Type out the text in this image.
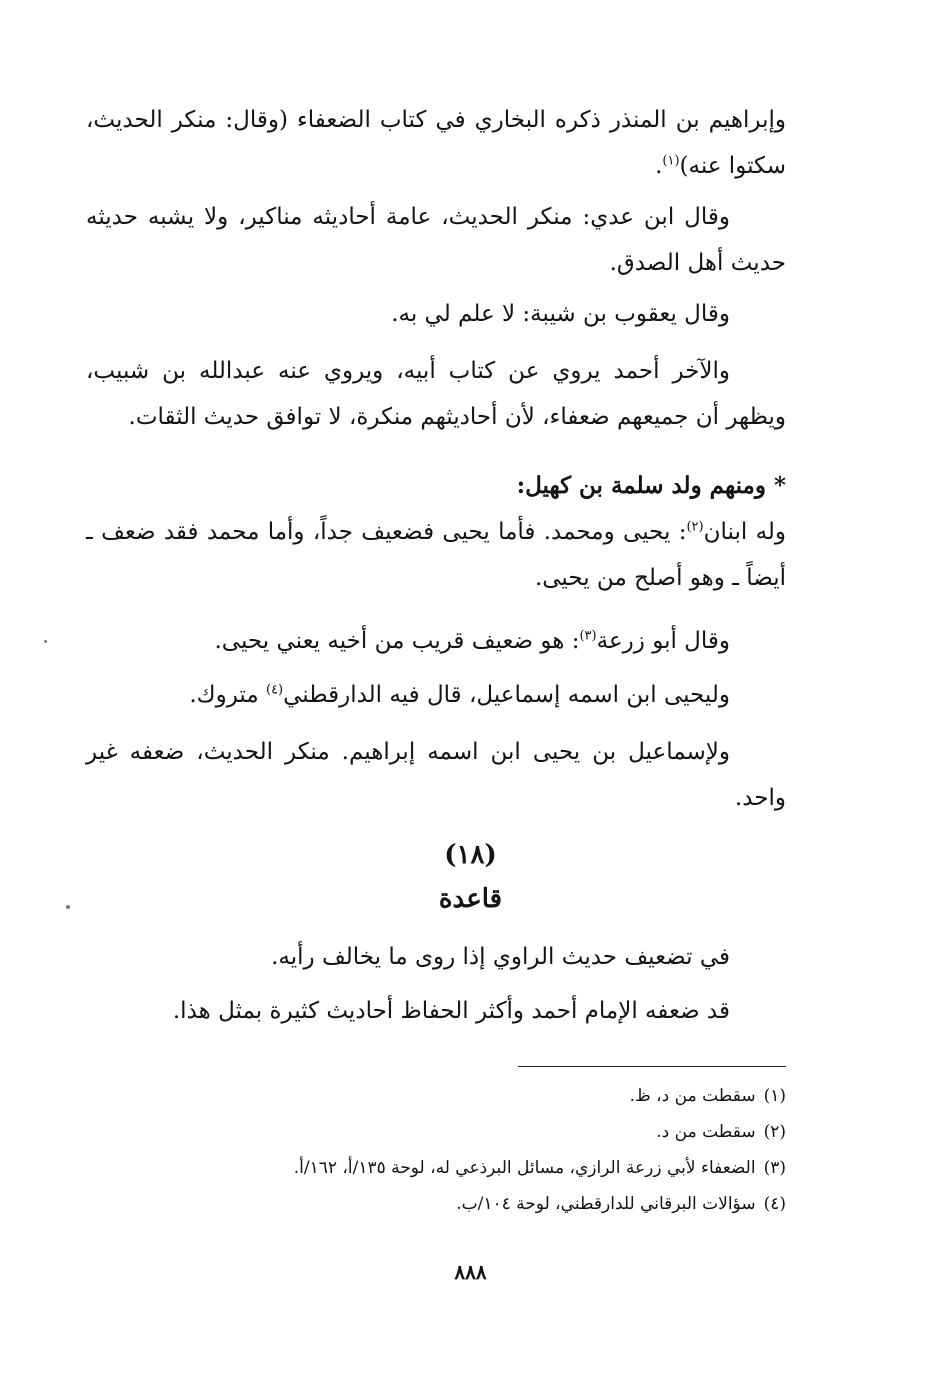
وإبراهيم بن المنذر ذكره البخاري في كتاب الضعفاء (وقال: منكر الحديث، سكتوا عنه)$^{(١)}$.

وقال ابن عدي: منكر الحديث، عامة أحاديثه مناكير، ولا يشبه حديثه حديث أهل الصدق.

وقال يعقوب بن شيبة: لا علم لي به.

والآخر أحمد يروي عن كتاب أبيه، ويروي عنه عبدالله بن شبيب، ويظهر أن جميعهم ضعفاء، لأن أحاديثهم منكرة، لا توافق حديث الثقات.

*ومنهم ولد سلمة بن كهيل:

وله ابنان$^{(٢)}$: يحيى ومحمد. فأما يحيى فضعيف جداً، وأما محمد فقد ضعف ـ أيضاً ـ وهو أصلح من يحيى.

وقال أبو زرعة$^{(٣)}$: هو ضعيف قريب من أخيه يعني يحيى.

وليحيى ابن اسمه إسماعيل، قال فيه الدارقطني$^{(٤)}$ متروك.

ولإسماعيل بن يحيى ابن اسمه إبراهيم. منكر الحديث، ضعفه غير واحد.

(١٨)
قاعدة

في تضعيف حديث الراوي إذا روى ما يخالف رأيه.

قد ضعفه الإمام أحمد وأكثر الحفاظ أحاديث كثيرة بمثل هذا.

(١)سقطت من د، ظ.
(٢)سقطت من د.
(٣)الضعفاء لأبي زرعة الرازي، مسائل البرذعي له، لوحة ١٣٥/أ، ١٦٢/أ.
(٤)سؤالات البرقاني للدارقطني، لوحة ١٠٤/ب.
٨٨٨
